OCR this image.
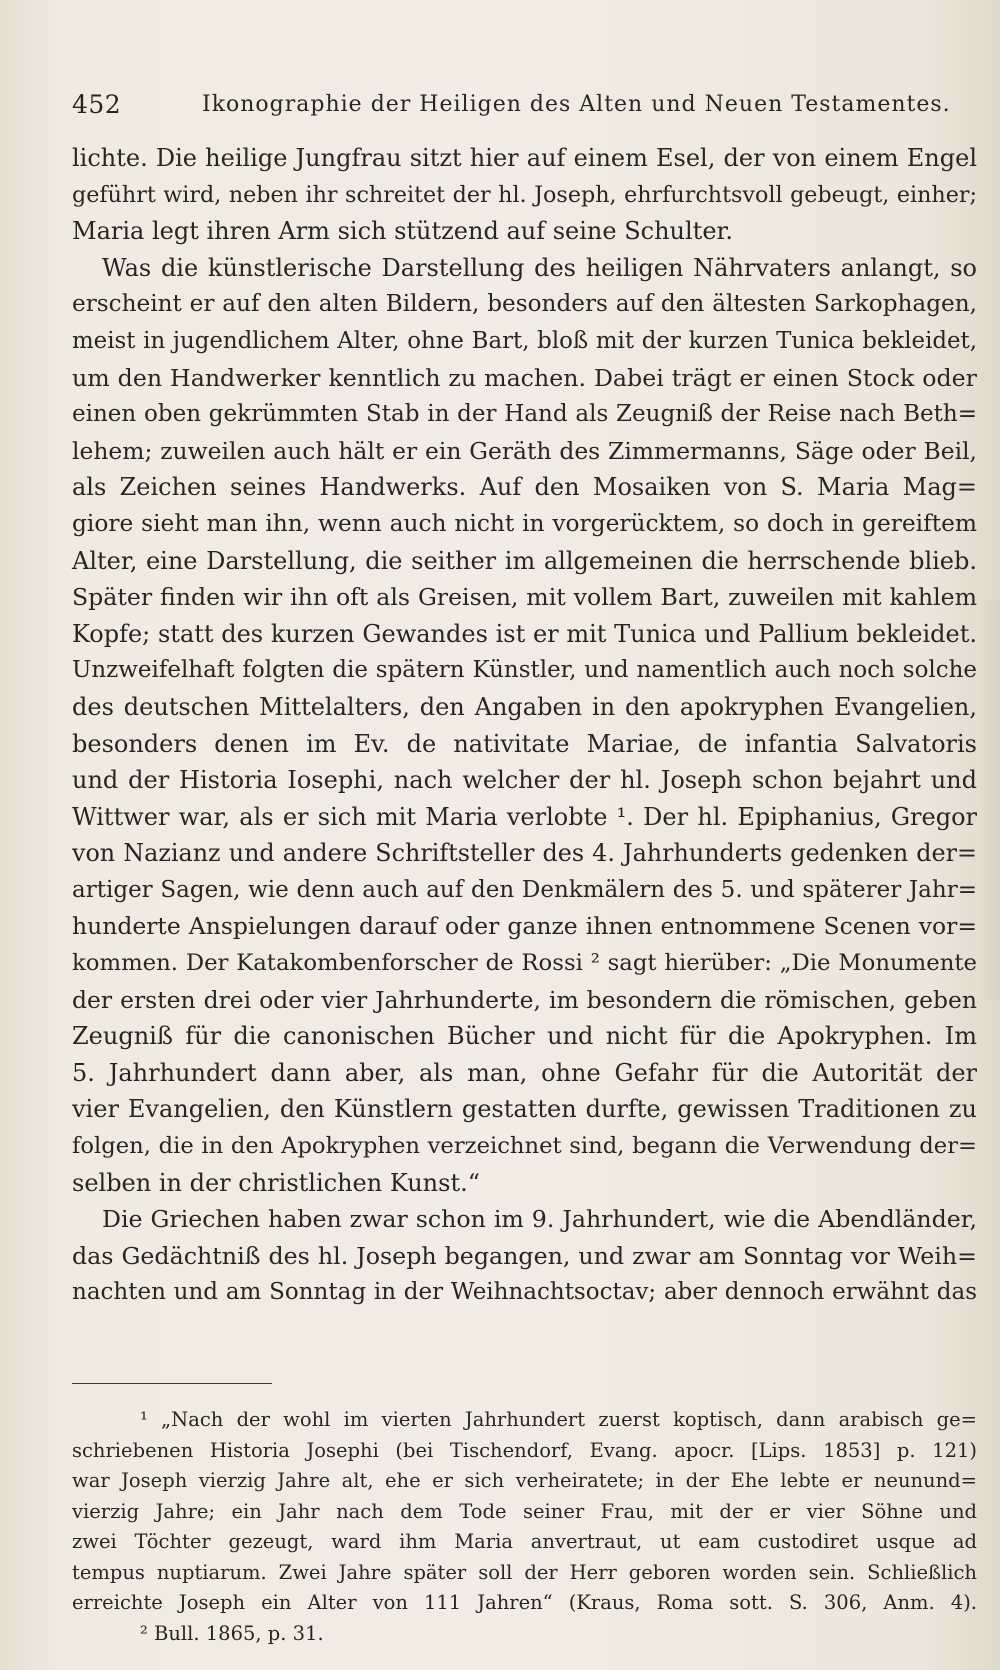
452	Ikonographie der Heiligen des Alten und Neuen Testamentes.
lichte. Die heilige Jungfrau sitzt hier auf einem Esel, der von einem Engel
geführt wird, neben ihr schreitet der hl. Joseph, ehrfurchtsvoll gebeugt, einher;
Maria legt ihren Arm sich stützend auf seine Schulter.
Was die künstlerische Darstellung des heiligen Nährvaters anlangt, so
erscheint er auf den alten Bildern, besonders auf den ältesten Sarkophagen,
meist in jugendlichem Alter, ohne Bart, bloß mit der kurzen Tunica bekleidet,
um den Handwerker kenntlich zu machen. Dabei trägt er einen Stock oder
einen oben gekrümmten Stab in der Hand als Zeugniß der Reise nach Beth=
lehem; zuweilen auch hält er ein Geräth des Zimmermanns, Säge oder Beil,
als Zeichen seines Handwerks. Auf den Mosaiken von S. Maria Mag=
giore sieht man ihn, wenn auch nicht in vorgerücktem, so doch in gereiftem
Alter, eine Darstellung, die seither im allgemeinen die herrschende blieb.
Später finden wir ihn oft als Greisen, mit vollem Bart, zuweilen mit kahlem
Kopfe; statt des kurzen Gewandes ist er mit Tunica und Pallium bekleidet.
Unzweifelhaft folgten die spätern Künstler, und namentlich auch noch solche
des deutschen Mittelalters, den Angaben in den apokryphen Evangelien,
besonders denen im Ev. de nativitate Mariae, de infantia Salvatoris
und der Historia Iosephi, nach welcher der hl. Joseph schon bejahrt und
Wittwer war, als er sich mit Maria verlobte ¹. Der hl. Epiphanius, Gregor
von Nazianz und andere Schriftsteller des 4. Jahrhunderts gedenken der=
artiger Sagen, wie denn auch auf den Denkmälern des 5. und späterer Jahr=
hunderte Anspielungen darauf oder ganze ihnen entnommene Scenen vor=
kommen. Der Katakombenforscher de Rossi ² sagt hierüber: „Die Monumente
der ersten drei oder vier Jahrhunderte, im besondern die römischen, geben
Zeugniß für die canonischen Bücher und nicht für die Apokryphen. Im
5. Jahrhundert dann aber, als man, ohne Gefahr für die Autorität der
vier Evangelien, den Künstlern gestatten durfte, gewissen Traditionen zu
folgen, die in den Apokryphen verzeichnet sind, begann die Verwendung der=
selben in der christlichen Kunst.“
Die Griechen haben zwar schon im 9. Jahrhundert, wie die Abendländer,
das Gedächtniß des hl. Joseph begangen, und zwar am Sonntag vor Weih=
nachten und am Sonntag in der Weihnachtsoctav; aber dennoch erwähnt das
¹ „Nach der wohl im vierten Jahrhundert zuerst koptisch, dann arabisch ge=
schriebenen Historia Josephi (bei Tischendorf, Evang. apocr. [Lips. 1853] p. 121)
war Joseph vierzig Jahre alt, ehe er sich verheiratete; in der Ehe lebte er neunund=
vierzig Jahre; ein Jahr nach dem Tode seiner Frau, mit der er vier Söhne und
zwei Töchter gezeugt, ward ihm Maria anvertraut, ut eam custodiret usque ad
tempus nuptiarum. Zwei Jahre später soll der Herr geboren worden sein. Schließlich
erreichte Joseph ein Alter von 111 Jahren“ (Kraus, Roma sott. S. 306, Anm. 4).
² Bull. 1865, p. 31.
